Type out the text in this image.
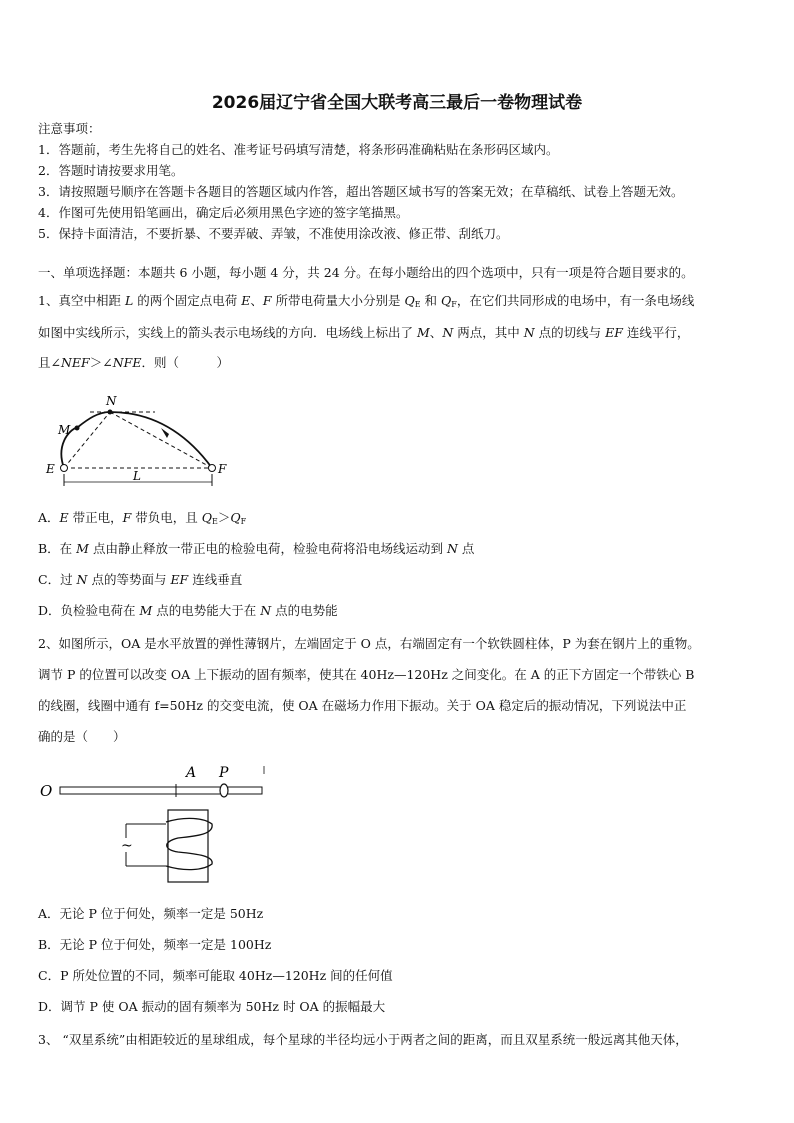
2026届辽宁省全国大联考高三最后一卷物理试卷
注意事项：
1．答题前，考生先将自己的姓名、准考证号码填写清楚，将条形码准确粘贴在条形码区域内。
2．答题时请按要求用笔。
3．请按照题号顺序在答题卡各题目的答题区域内作答，超出答题区域书写的答案无效；在草稿纸、试卷上答题无效。
4．作图可先使用铅笔画出，确定后必须用黑色字迹的签字笔描黑。
5．保持卡面清洁，不要折暴、不要弄破、弄皱，不准使用涂改液、修正带、刮纸刀。
一、单项选择题：本题共 6 小题，每小题 4 分，共 24 分。在每小题给出的四个选项中，只有一项是符合题目要求的。
1、真空中相距 L 的两个固定点电荷 E、F 所带电荷量大小分别是 $Q_E$ 和 $Q_F$，在它们共同形成的电场中，有一条电场线
如图中实线所示，实线上的箭头表示电场线的方向．电场线上标出了 M、N 两点，其中 N 点的切线与 EF 连线平行，
且∠NEF＞∠NFE．则（　　　）
N
M
E	F
L
A．E 带正电，F 带负电，且 $Q_E>Q_F$
B．在 M 点由静止释放一带正电的检验电荷，检验电荷将沿电场线运动到 N 点
C．过 N 点的等势面与 EF 连线垂直
D．负检验电荷在 M 点的电势能大于在 N 点的电势能
2、如图所示，OA 是水平放置的弹性薄钢片，左端固定于 O 点，右端固定有一个软铁圆柱体，P 为套在钢片上的重物。
调节 P 的位置可以改变 OA 上下振动的固有频率，使其在 40Hz—120Hz 之间变化。在 A 的正下方固定一个带铁心 B
的线圈，线圈中通有 f=50Hz 的交变电流，使 OA 在磁场力作用下振动。关于 OA 稳定后的振动情况，下列说法中正
确的是（　　）
O
A P
~
A．无论 P 位于何处，频率一定是 50Hz
B．无论 P 位于何处，频率一定是 100Hz
C．P 所处位置的不同，频率可能取 40Hz—120Hz 间的任何值
D．调节 P 使 OA 振动的固有频率为 50Hz 时 OA 的振幅最大
3、 “双星系统”由相距较近的星球组成，每个星球的半径均远小于两者之间的距离，而且双星系统一般远离其他天体，
